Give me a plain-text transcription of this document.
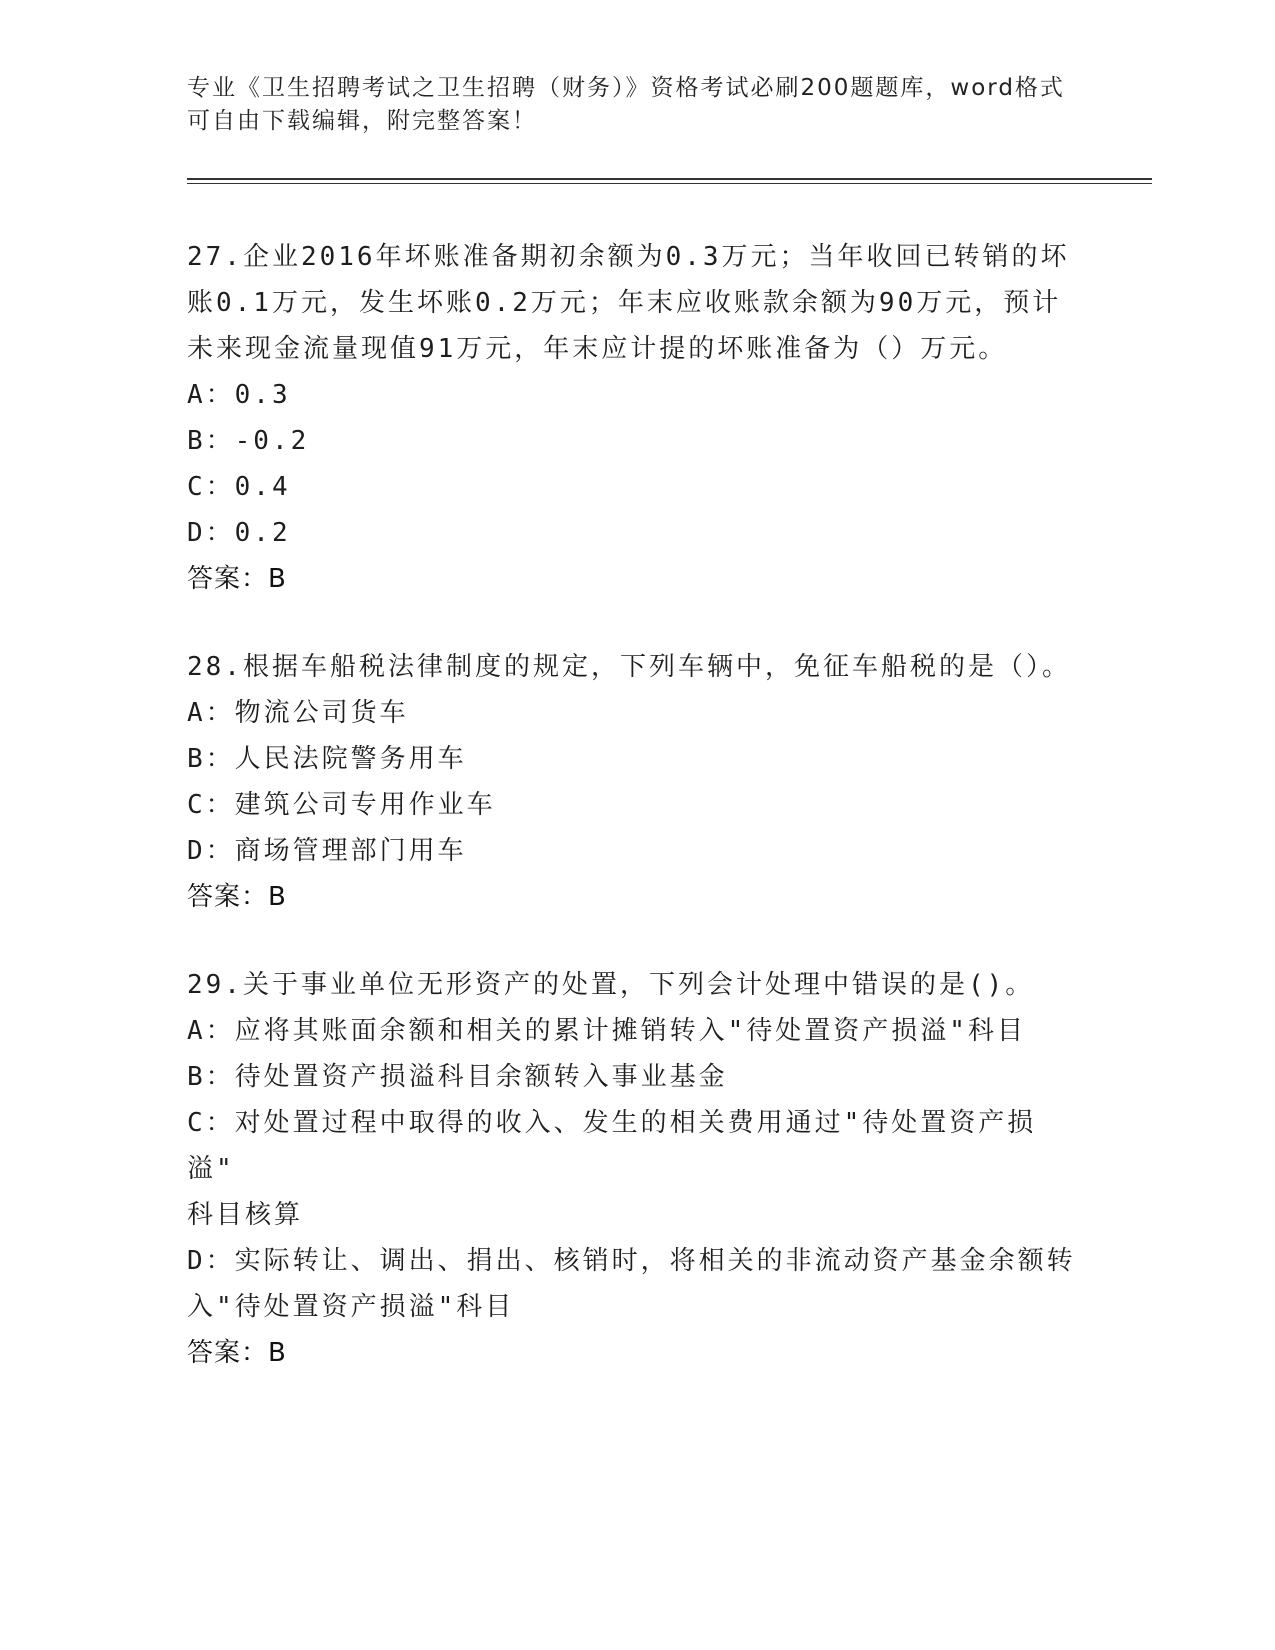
专业《卫生招聘考试之卫生招聘（财务）》资格考试必刷200题题库，word格式
可自由下载编辑，附完整答案！
27.企业2016年坏账准备期初余额为0.3万元；当年收回已转销的坏
账0.1万元，发生坏账0.2万元；年末应收账款余额为90万元，预计
未来现金流量现值91万元，年末应计提的坏账准备为（）万元。
A：0.3
B：-0.2
C：0.4
D：0.2
答案：B
28.根据车船税法律制度的规定，下列车辆中，免征车船税的是（）。
A：物流公司货车
B：人民法院警务用车
C：建筑公司专用作业车
D：商场管理部门用车
答案：B
29.关于事业单位无形资产的处置，下列会计处理中错误的是()。
A：应将其账面余额和相关的累计摊销转入"待处置资产损溢"科目
B：待处置资产损溢科目余额转入事业基金
C：对处置过程中取得的收入、发生的相关费用通过"待处置资产损溢"
科目核算
D：实际转让、调出、捐出、核销时，将相关的非流动资产基金余额转
入"待处置资产损溢"科目
答案：B
